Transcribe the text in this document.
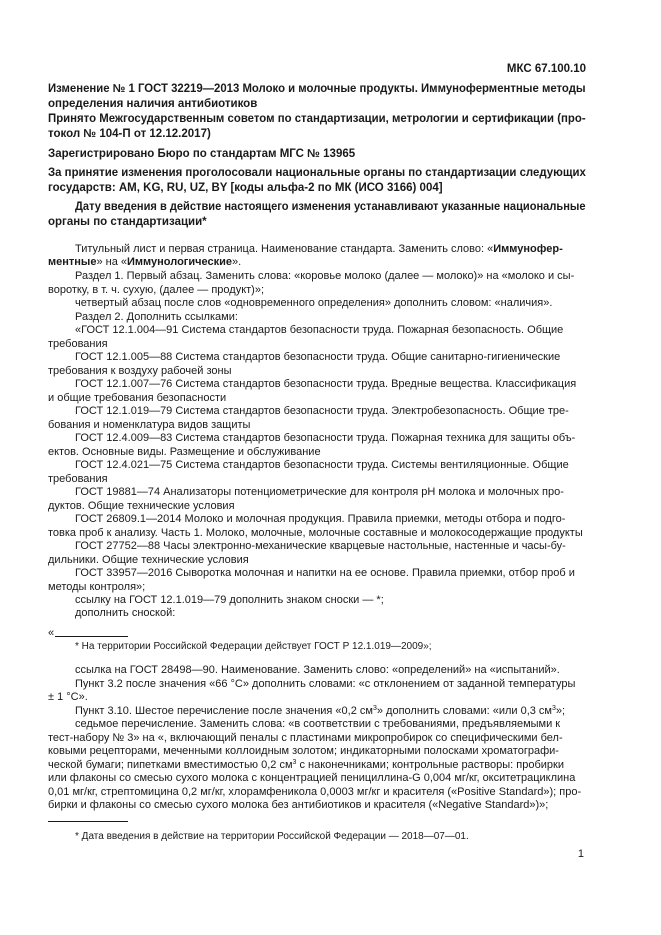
МКС 67.100.10
Изменение № 1 ГОСТ 32219—2013 Молоко и молочные продукты. Иммуноферментные методы
определения наличия антибиотиков
Принято Межгосударственным советом по стандартизации, метрологии и сертификации (про-
токол № 104-П от 12.12.2017)
Зарегистрировано Бюро по стандартам МГС № 13965
За принятие изменения проголосовали национальные органы по стандартизации следующих
государств: AM, KG, RU, UZ, BY [коды альфа-2 по МК (ИСО 3166) 004]
Дату введения в действие настоящего изменения устанавливают указанные национальные
органы по стандартизации*
Титульный лист и первая страница. Наименование стандарта. Заменить слово: «Иммунофер-
ментные» на «Иммунологические».
Раздел 1. Первый абзац. Заменить слова: «коровье молоко (далее — молоко)» на «молоко и сы-
воротку, в т. ч. сухую, (далее — продукт)»;
четвертый абзац после слов «одновременного определения» дополнить словом: «наличия».
Раздел 2. Дополнить ссылками:
«ГОСТ 12.1.004—91 Система стандартов безопасности труда. Пожарная безопасность. Общие
требования
ГОСТ 12.1.005—88 Система стандартов безопасности труда. Общие санитарно-гигиенические
требования к воздуху рабочей зоны
ГОСТ 12.1.007—76 Система стандартов безопасности труда. Вредные вещества. Классификация
и общие требования безопасности
ГОСТ 12.1.019—79 Система стандартов безопасности труда. Электробезопасность. Общие тре-
бования и номенклатура видов защиты
ГОСТ 12.4.009—83 Система стандартов безопасности труда. Пожарная техника для защиты объ-
ектов. Основные виды. Размещение и обслуживание
ГОСТ 12.4.021—75 Система стандартов безопасности труда. Системы вентиляционные. Общие
требования
ГОСТ 19881—74 Анализаторы потенциометрические для контроля pH молока и молочных про-
дуктов. Общие технические условия
ГОСТ 26809.1—2014 Молоко и молочная продукция. Правила приемки, методы отбора и подго-
товка проб к анализу. Часть 1. Молоко, молочные, молочные составные и молокосодержащие продукты
ГОСТ 27752—88 Часы электронно-механические кварцевые настольные, настенные и часы-бу-
дильники. Общие технические условия
ГОСТ 33957—2016 Сыворотка молочная и напитки на ее основе. Правила приемки, отбор проб и
методы контроля»;
ссылку на ГОСТ 12.1.019—79 дополнить знаком сноски — *;
дополнить сноской:
«
* На территории Российской Федерации действует ГОСТ Р 12.1.019—2009»;
ссылка на ГОСТ 28498—90. Наименование. Заменить слово: «определений» на «испытаний».
Пункт 3.2 после значения «66 °С» дополнить словами: «с отклонением от заданной температуры
± 1 °С».
Пункт 3.10. Шестое перечисление после значения «0,2 $см^3$» дополнить словами: «или 0,3 $см^3$»;
седьмое перечисление. Заменить слова: «в соответствии с требованиями, предъявляемыми к
тест-набору № 3» на «, включающий пеналы с пластинами микропробирок со специфическими бел-
ковыми рецепторами, меченными коллоидным золотом; индикаторными полосками хроматографи-
ческой бумаги; пипетками вместимостью 0,2 $см^3$ с наконечниками; контрольные растворы: пробирки
или флаконы со смесью сухого молока с концентрацией пенициллина-G 0,004 мг/кг, окситетрациклина
0,01 мг/кг, стрептомицина 0,2 мг/кг, хлорамфеникола 0,0003 мг/кг и красителя («Positive Standard»); про-
бирки и флаконы со смесью сухого молока без антибиотиков и красителя («Negative Standard»)»;
* Дата введения в действие на территории Российской Федерации — 2018—07—01.
1
